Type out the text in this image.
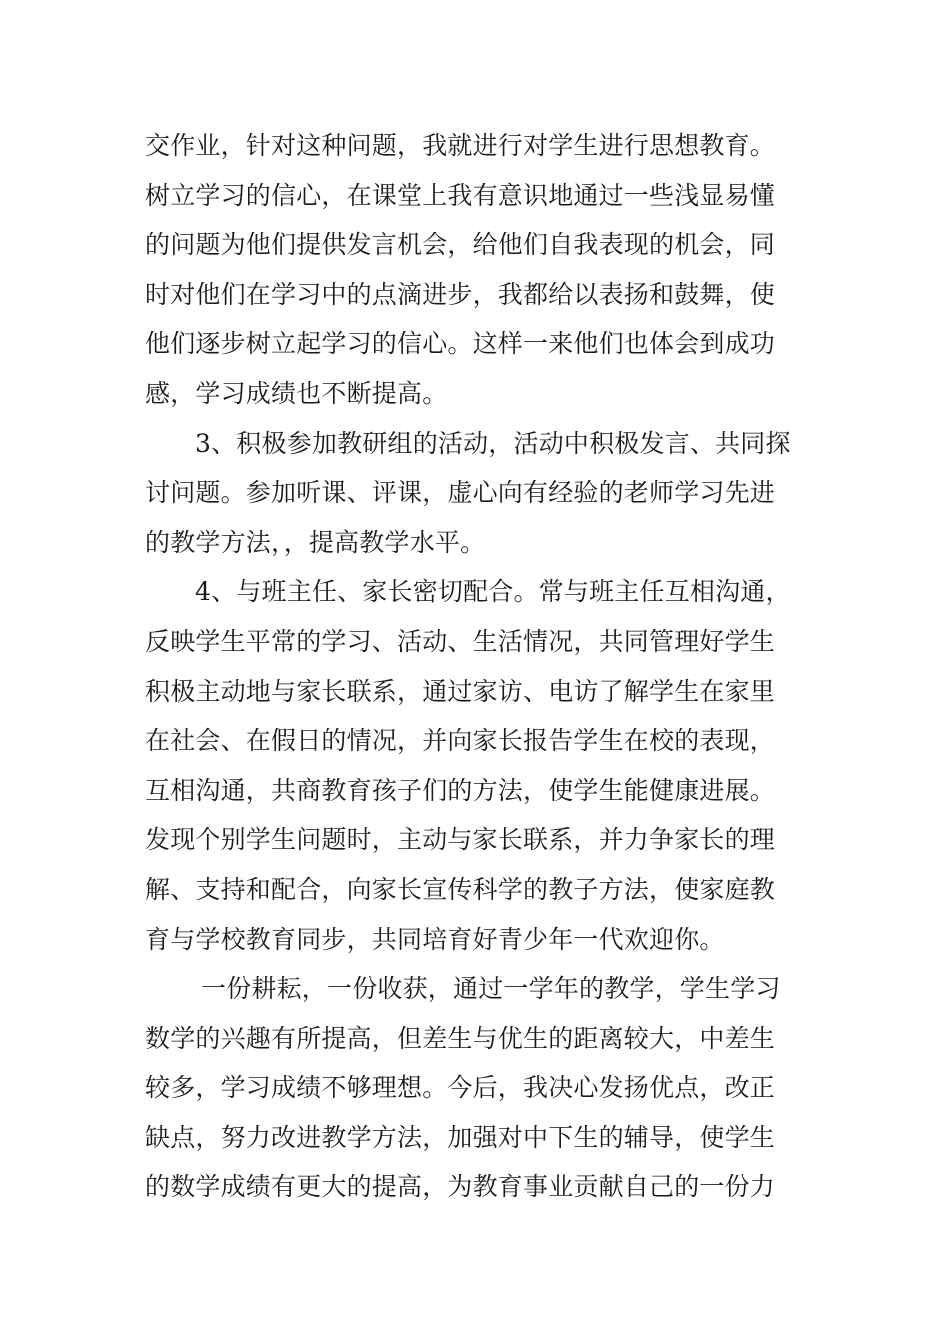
交作业，针对这种问题，我就进行对学生进行思想教育。
树立学习的信心，在课堂上我有意识地通过一些浅显易懂
的问题为他们提供发言机会，给他们自我表现的机会，同
时对他们在学习中的点滴进步，我都给以表扬和鼓舞，使
他们逐步树立起学习的信心。这样一来他们也体会到成功
感，学习成绩也不断提高。
3、积极参加教研组的活动，活动中积极发言、共同探
讨问题。参加听课、评课，虚心向有经验的老师学习先进
的教学方法，，提高教学水平。
4、与班主任、家长密切配合。常与班主任互相沟通，
反映学生平常的学习、活动、生活情况，共同管理好学生
积极主动地与家长联系，通过家访、电访了解学生在家里
在社会、在假日的情况，并向家长报告学生在校的表现，
互相沟通，共商教育孩子们的方法，使学生能健康进展。
发现个别学生问题时，主动与家长联系，并力争家长的理
解、支持和配合，向家长宣传科学的教子方法，使家庭教
育与学校教育同步，共同培育好青少年一代欢迎你。
一份耕耘，一份收获，通过一学年的教学，学生学习
数学的兴趣有所提高，但差生与优生的距离较大，中差生
较多，学习成绩不够理想。今后，我决心发扬优点，改正
缺点，努力改进教学方法，加强对中下生的辅导，使学生
的数学成绩有更大的提高，为教育事业贡献自己的一份力
